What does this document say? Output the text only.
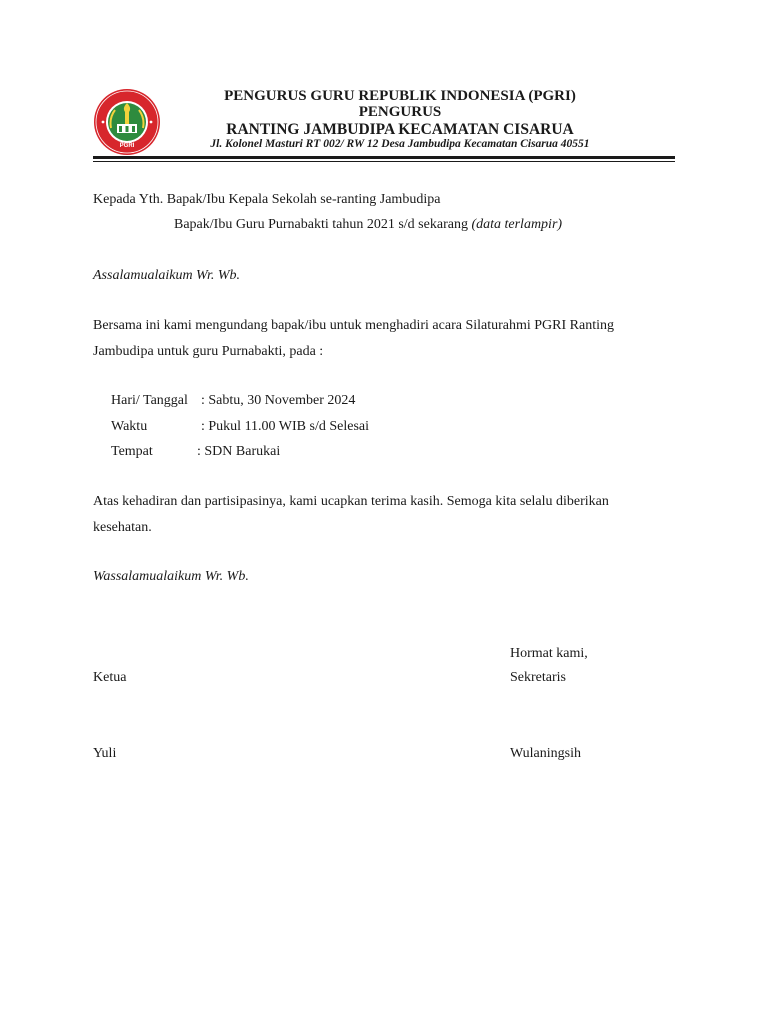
PGRI
PENGURUS GURU REPUBLIK INDONESIA (PGRI)
PENGURUS
RANTING JAMBUDIPA KECAMATAN CISARUA
Jl. Kolonel Masturi RT 002/ RW 12 Desa Jambudipa Kecamatan Cisarua 40551
Kepada Yth. Bapak/Ibu Kepala Sekolah se-ranting Jambudipa
Bapak/Ibu Guru Purnabakti tahun 2021 s/d sekarang (data terlampir)
Assalamualaikum Wr. Wb.
Bersama ini kami mengundang bapak/ibu untuk menghadiri acara Silaturahmi PGRI Ranting
Jambudipa untuk guru Purnabakti, pada :
Hari/ Tanggal : Sabtu, 30 November 2024
Waktu	: Pukul 11.00 WIB s/d Selesai
Tempat	: SDN Barukai
Atas kehadiran dan partisipasinya, kami ucapkan terima kasih. Semoga kita selalu diberikan
kesehatan.
Wassalamualaikum Wr. Wb.
Hormat kami,
Ketua	Sekretaris
Yuli	Wulaningsih
